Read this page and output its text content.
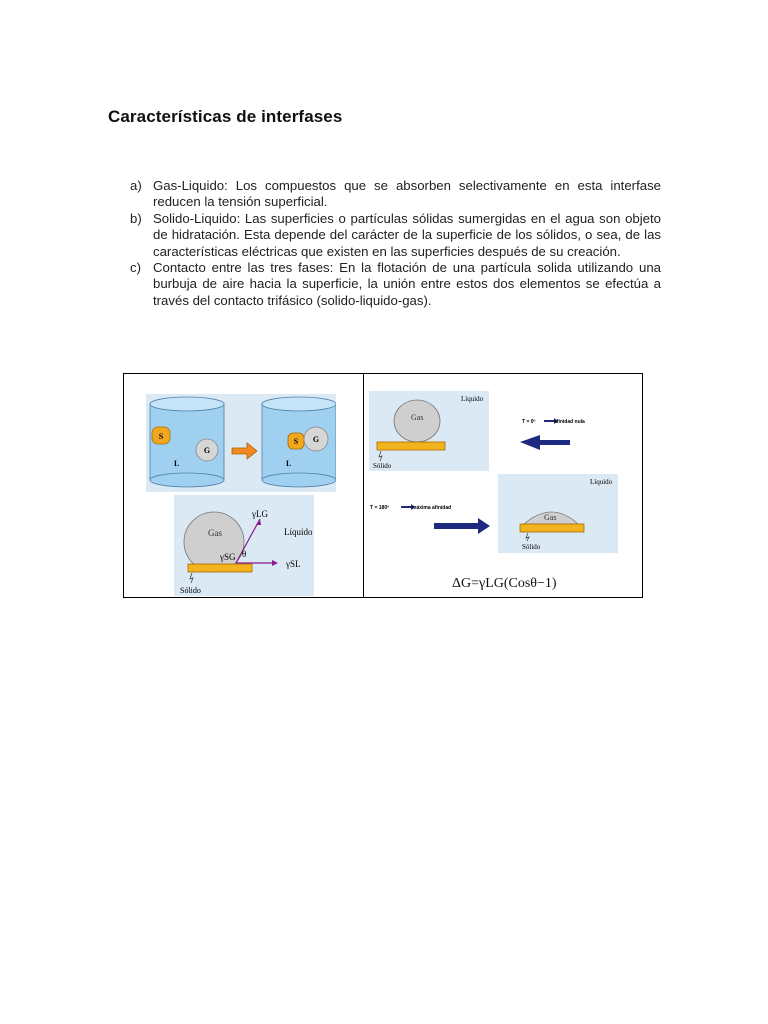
Características de interfases
a) Gas-Liquido: Los compuestos que se absorben selectivamente en esta interfase reducen la tensión superficial.
b) Solido-Liquido: Las superficies o partículas sólidas sumergidas en el agua son objeto de hidratación. Esta depende del carácter de la superficie de los sólidos, o sea, de las características eléctricas que existen en las superficies después de su creación.
c) Contacto entre las tres fases: En la flotación de una partícula solida utilizando una burbuja de aire hacia la superficie, la unión entre estos dos elementos se efectúa a través del contacto trifásico (solido-liquido-gas).
S
G
L
S G
L
Gas
γLG
γSG θ
γSL
Líquido
Sólido
Gas
Líquido
Sólido
T = 0º	afinidad nula
T = 180º	máxima afinidad
Gas
Líquido
Sólido
ΔG=γLG(Cosθ−1)
